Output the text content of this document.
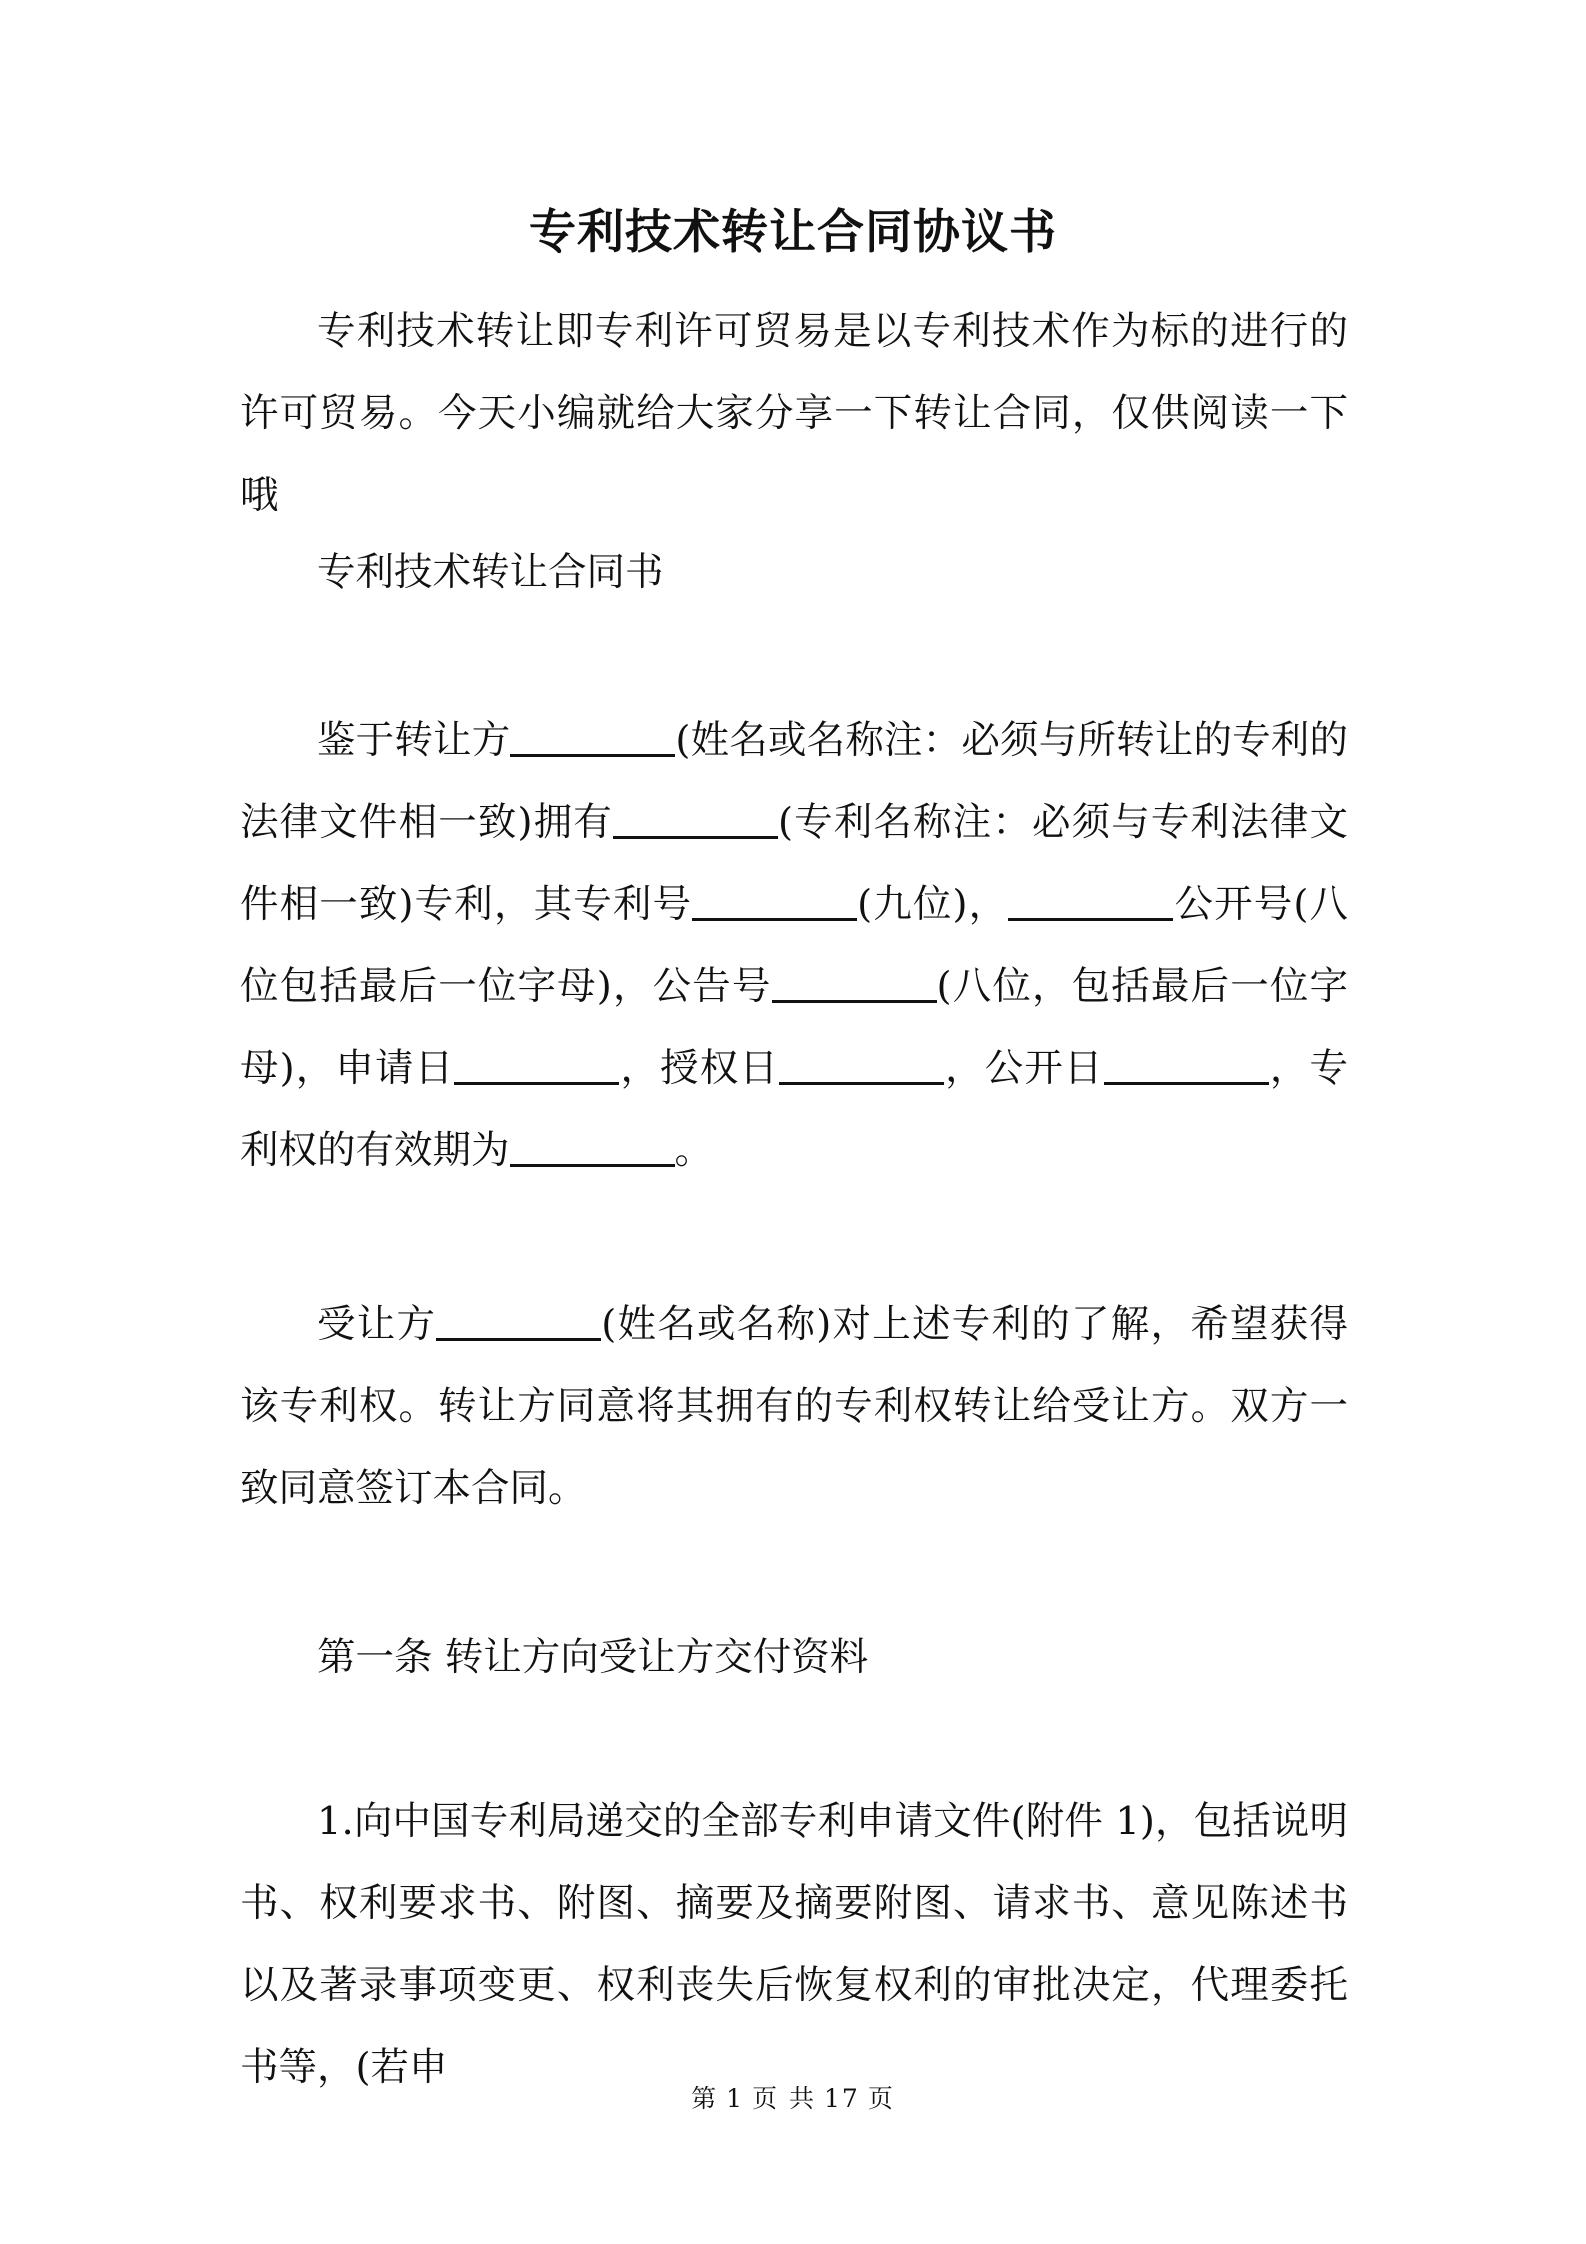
专利技术转让合同协议书
专利技术转让即专利许可贸易是以专利技术作为标的进行的许可贸易。今天小编就给大家分享一下转让合同，仅供阅读一下哦
专利技术转让合同书
鉴于转让方	(姓名或名称注：必须与所转让的专利的法律文件相一致)拥有	(专利名称注：必须与专利法律文件相一致)专利，其专利号	(九位)，	公开号(八位包括最后一位字母)，公告号	(八位，包括最后一位字母)，申请日	，授权日	，公开日	，专利权的有效期为	。
受让方	(姓名或名称)对上述专利的了解，希望获得该专利权。转让方同意将其拥有的专利权转让给受让方。双方一致同意签订本合同。
第一条 转让方向受让方交付资料
1.向中国专利局递交的全部专利申请文件(附件 1)，包括说明书、权利要求书、附图、摘要及摘要附图、请求书、意见陈述书以及著录事项变更、权利丧失后恢复权利的审批决定，代理委托书等，(若申
第 1 页 共 17 页
